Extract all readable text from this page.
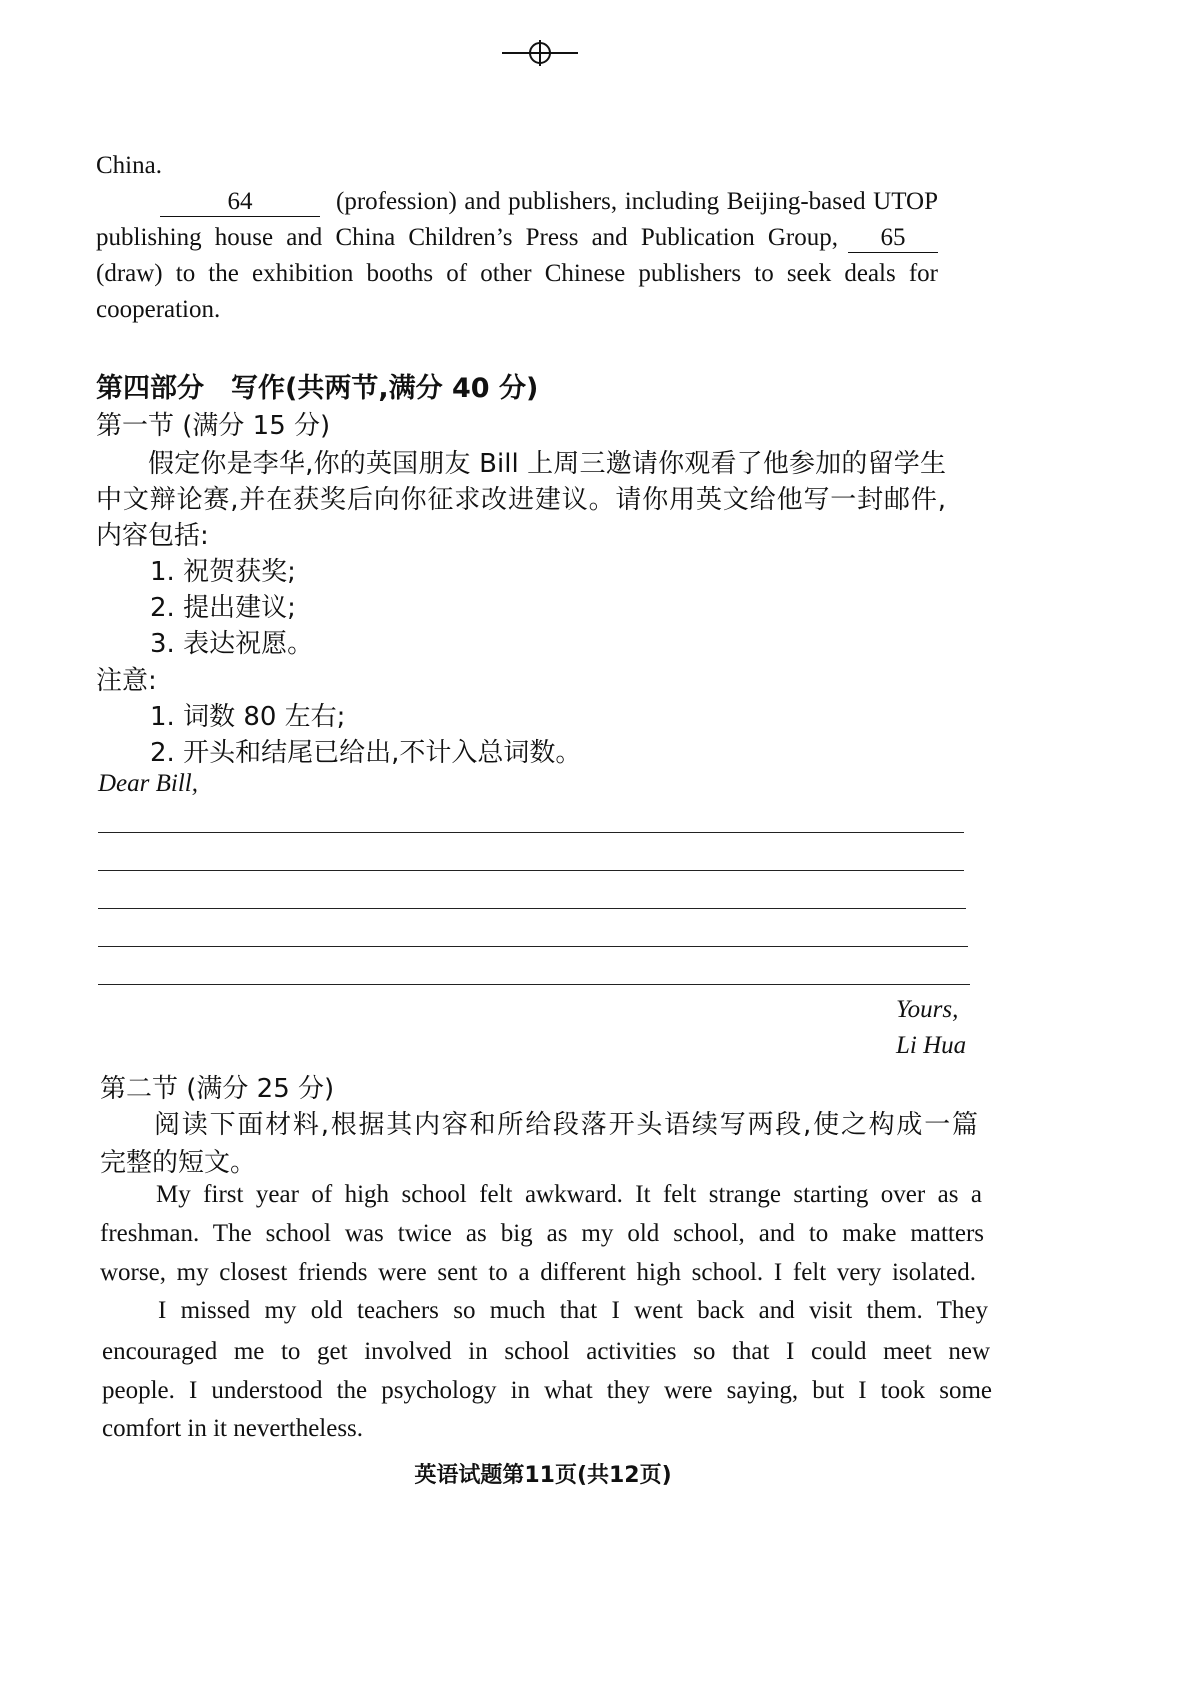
China.
64	(profession) and publishers, including Beijing-based UTOP
publishing house and China Children’s Press and Publication Group,	65
(draw) to the exhibition booths of other Chinese publishers to seek deals for
cooperation.
第四部分　写作(共两节,满分 40 分)
第一节 (满分 15 分)
假定你是李华,你的英国朋友 Bill 上周三邀请你观看了他参加的留学生
中文辩论赛,并在获奖后向你征求改进建议。请你用英文给他写一封邮件,
内容包括:
1. 祝贺获奖;
2. 提出建议;
3. 表达祝愿。
注意:
1. 词数 80 左右;
2. 开头和结尾已给出,不计入总词数。
Dear Bill,
Yours,
Li Hua
第二节 (满分 25 分)
阅读下面材料,根据其内容和所给段落开头语续写两段,使之构成一篇
完整的短文。
My first year of high school felt awkward. It felt strange starting over as a
freshman. The school was twice as big as my old school, and to make matters
worse, my closest friends were sent to a different high school. I felt very isolated.
I missed my old teachers so much that I went back and visit them. They
encouraged me to get involved in school activities so that I could meet new
people. I understood the psychology in what they were saying, but I took some
comfort in it nevertheless.
英语试题第11页(共12页)
